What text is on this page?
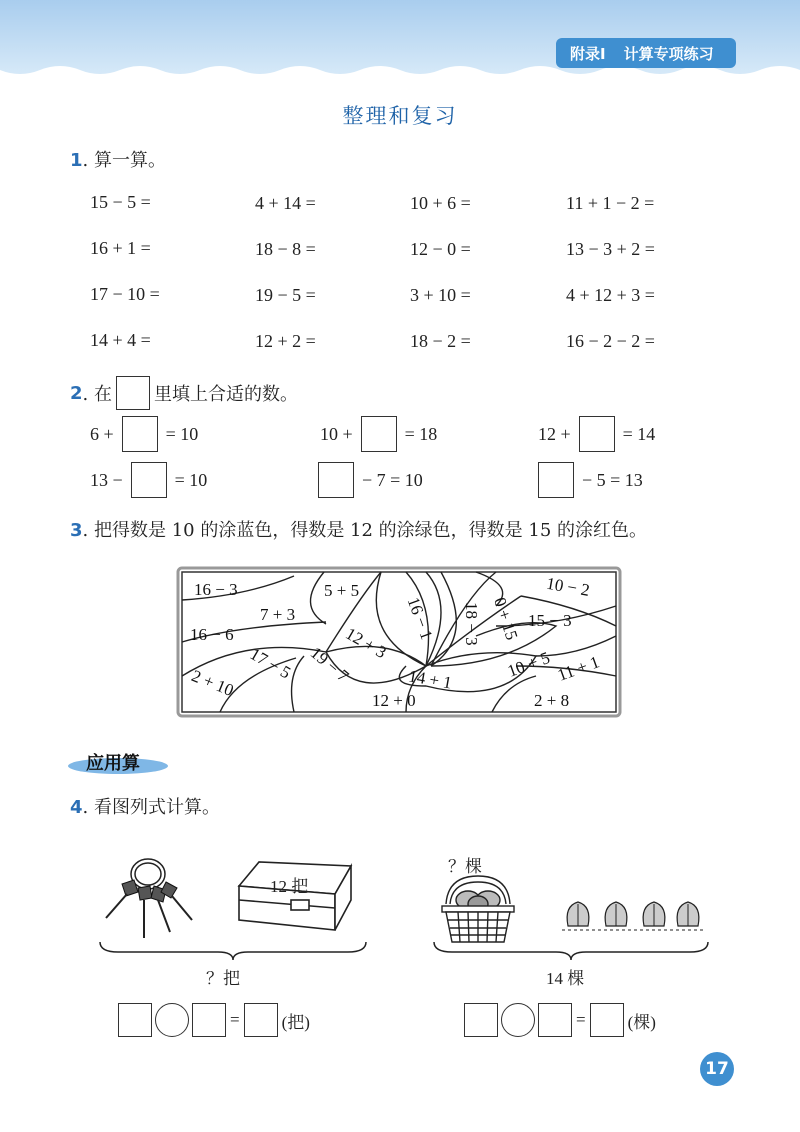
附录Ⅰ 计算专项练习
整理和复习
1. 算一算。
15 − 5 =	4 + 14 =	10 + 6 =	11 + 1 − 2 =
16 + 1 =	18 − 8 =	12 − 0 =	13 − 3 + 2 =
17 − 10 =	19 − 5 =	3 + 10 =	4 + 12 + 3 =
14 + 4 =	12 + 2 =	18 − 2 =	16 − 2 − 2 =
2 . 在 里填上合适的数。
6 +	= 10	10 +	= 18	12 +	= 14
13 −	= 10	− 7 = 10	− 5 = 13
3. 把得数是 10 的涂蓝色，得数是 12 的涂绿色，得数是 15 的涂红色。
16 − 3
7 + 3
16 − 6
2 + 10
17 − 5 19 − 7
5 + 5
12 + 3
16 − 1 18 − 3 0 + 15
14 + 1
12 + 0
10 − 2
15 − 3
10 + 5 11 + 1
2 + 8
应用算
4. 看图列式计算。
12 把
？把
= (把)
？棵
14 棵
= (棵)
17
